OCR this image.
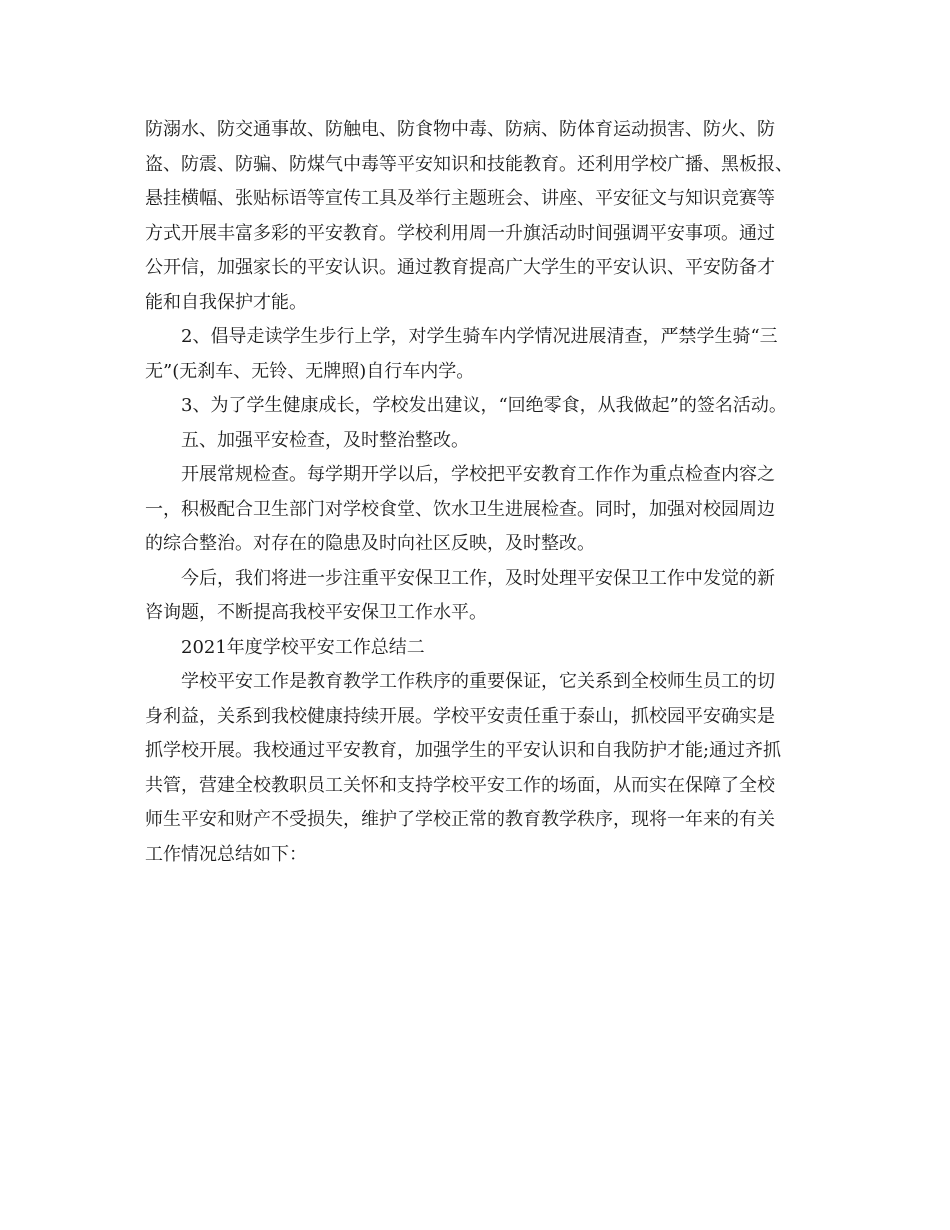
防溺水、防交通事故、防触电、防食物中毒、防病、防体育运动损害、防火、防
盗、防震、防骗、防煤气中毒等平安知识和技能教育。还利用学校广播、黑板报、
悬挂横幅、张贴标语等宣传工具及举行主题班会、讲座、平安征文与知识竞赛等
方式开展丰富多彩的平安教育。学校利用周一升旗活动时间强调平安事项。通过
公开信，加强家长的平安认识。通过教育提高广大学生的平安认识、平安防备才
能和自我保护才能。
2、倡导走读学生步行上学，对学生骑车内学情况进展清查，严禁学生骑“三
无”(无刹车、无铃、无牌照)自行车内学。
3、为了学生健康成长，学校发出建议，“回绝零食，从我做起”的签名活动。
五、加强平安检查，及时整治整改。
开展常规检查。每学期开学以后，学校把平安教育工作作为重点检查内容之
一，积极配合卫生部门对学校食堂、饮水卫生进展检查。同时，加强对校园周边
的综合整治。对存在的隐患及时向社区反映，及时整改。
今后，我们将进一步注重平安保卫工作，及时处理平安保卫工作中发觉的新
咨询题，不断提高我校平安保卫工作水平。
2021年度学校平安工作总结二
学校平安工作是教育教学工作秩序的重要保证，它关系到全校师生员工的切
身利益，关系到我校健康持续开展。学校平安责任重于泰山，抓校园平安确实是
抓学校开展。我校通过平安教育，加强学生的平安认识和自我防护才能;通过齐抓
共管，营建全校教职员工关怀和支持学校平安工作的场面，从而实在保障了全校
师生平安和财产不受损失，维护了学校正常的教育教学秩序，现将一年来的有关
工作情况总结如下：
